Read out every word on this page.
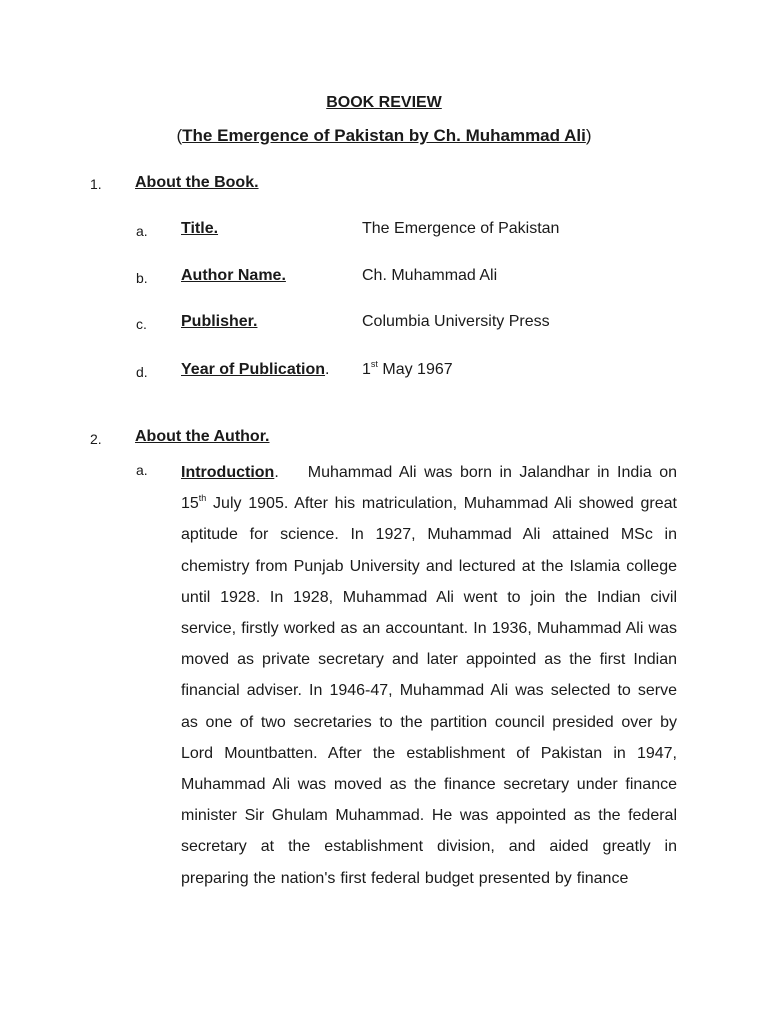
BOOK REVIEW
(The Emergence of Pakistan by Ch. Muhammad Ali)
1. About the Book.
a. Title.	The Emergence of Pakistan
b. Author Name.	Ch. Muhammad Ali
c. Publisher.	Columbia University Press
d. Year of Publication. 1st May 1967
2. About the Author.
a. Introduction. Muhammad Ali was born in Jalandhar in India on 15th July 1905. After his matriculation, Muhammad Ali showed great aptitude for science. In 1927, Muhammad Ali attained MSc in chemistry from Punjab University and lectured at the Islamia college until 1928. In 1928, Muhammad Ali went to join the Indian civil service, firstly worked as an accountant. In 1936, Muhammad Ali was moved as private secretary and later appointed as the first Indian financial adviser. In 1946-47, Muhammad Ali was selected to serve as one of two secretaries to the partition council presided over by Lord Mountbatten. After the establishment of Pakistan in 1947, Muhammad Ali was moved as the finance secretary under finance minister Sir Ghulam Muhammad. He was appointed as the federal secretary at the establishment division, and aided greatly in preparing the nation's first federal budget presented by finance
